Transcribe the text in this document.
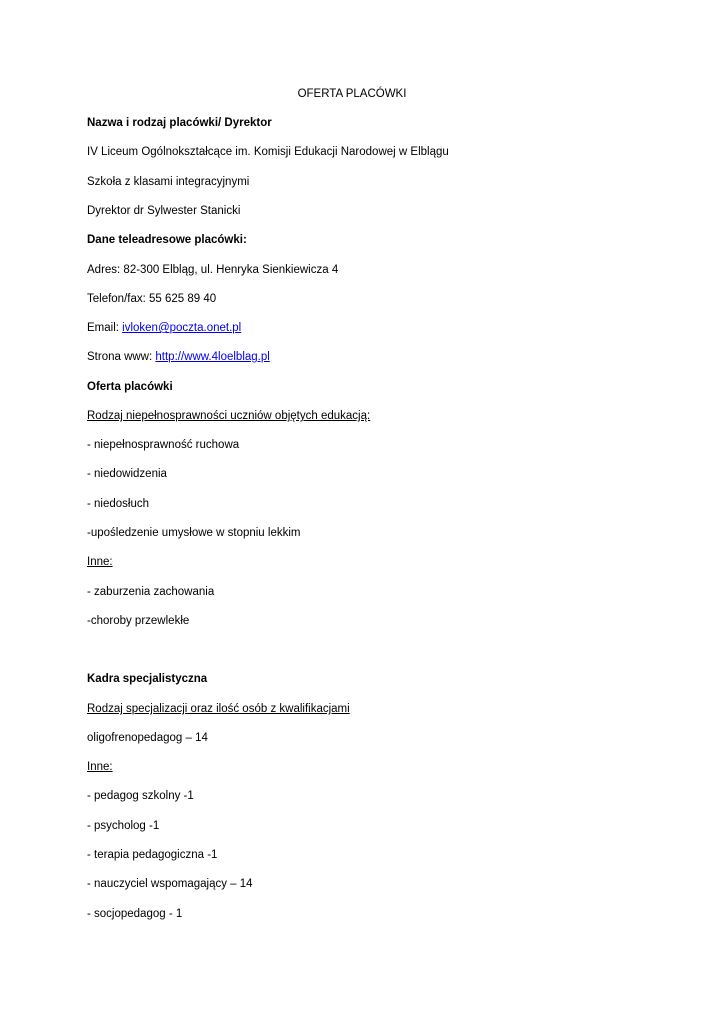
OFERTA PLACÓWKI

Nazwa i rodzaj placówki/ Dyrektor

IV Liceum Ogólnokształcące im. Komisji Edukacji Narodowej w Elblągu

Szkoła z klasami integracyjnymi

Dyrektor dr Sylwester Stanicki

Dane teleadresowe placówki:

Adres: 82-300 Elbląg, ul. Henryka Sienkiewicza 4

Telefon/fax: 55 625 89 40

Email: ivloken@poczta.onet.pl

Strona www: http://www.4loelblag.pl

Oferta placówki

Rodzaj niepełnosprawności uczniów objętych edukacją:

- niepełnosprawność ruchowa

- niedowidzenia

- niedosłuch

-upośledzenie umysłowe w stopniu lekkim

Inne:

- zaburzenia zachowania

-choroby przewlekłe

Kadra specjalistyczna

Rodzaj specjalizacji oraz ilość osób z kwalifikacjami

oligofrenopedagog – 14

Inne:

- pedagog szkolny -1

- psycholog -1

- terapia pedagogiczna -1

- nauczyciel wspomagający – 14

- socjopedagog - 1
